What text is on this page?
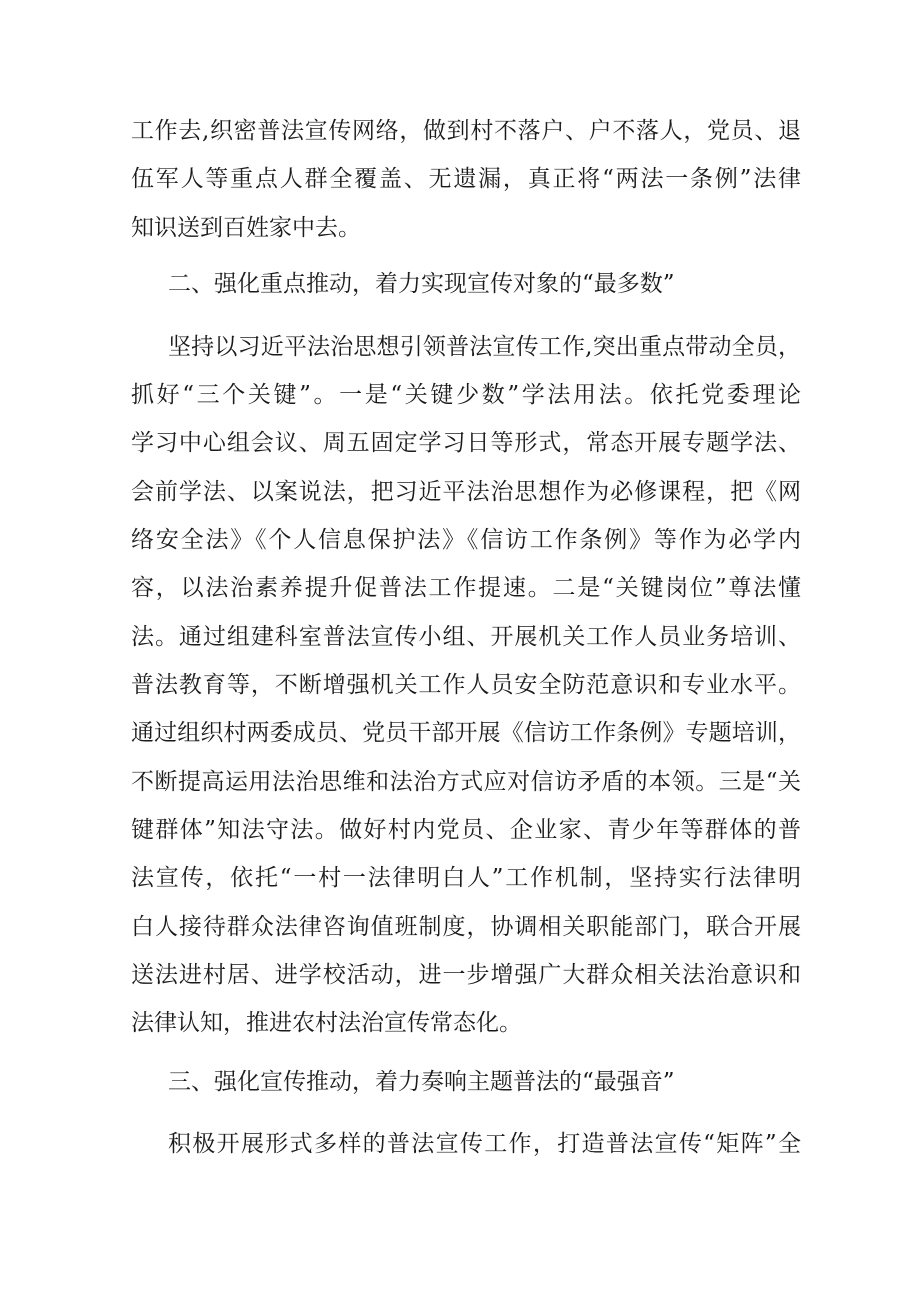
工作去,织密普法宣传网络，做到村不落户、户不落人，党员、退
伍军人等重点人群全覆盖、无遗漏，真正将“两法一条例”法律
知识送到百姓家中去。
二、强化重点推动，着力实现宣传对象的“最多数”
坚持以习近平法治思想引领普法宣传工作,突出重点带动全员，
抓好“三个关键”。一是“关键少数”学法用法。依托党委理论
学习中心组会议、周五固定学习日等形式，常态开展专题学法、
会前学法、以案说法，把习近平法治思想作为必修课程，把《网
络安全法》《个人信息保护法》《信访工作条例》等作为必学内
容，以法治素养提升促普法工作提速。二是“关键岗位”尊法懂
法。通过组建科室普法宣传小组、开展机关工作人员业务培训、
普法教育等，不断增强机关工作人员安全防范意识和专业水平。
通过组织村两委成员、党员干部开展《信访工作条例》专题培训，
不断提高运用法治思维和法治方式应对信访矛盾的本领。三是“关
键群体”知法守法。做好村内党员、企业家、青少年等群体的普
法宣传，依托“一村一法律明白人”工作机制，坚持实行法律明
白人接待群众法律咨询值班制度，协调相关职能部门，联合开展
送法进村居、进学校活动，进一步增强广大群众相关法治意识和
法律认知，推进农村法治宣传常态化。
三、强化宣传推动，着力奏响主题普法的“最强音”
积极开展形式多样的普法宣传工作，打造普法宣传“矩阵”全
